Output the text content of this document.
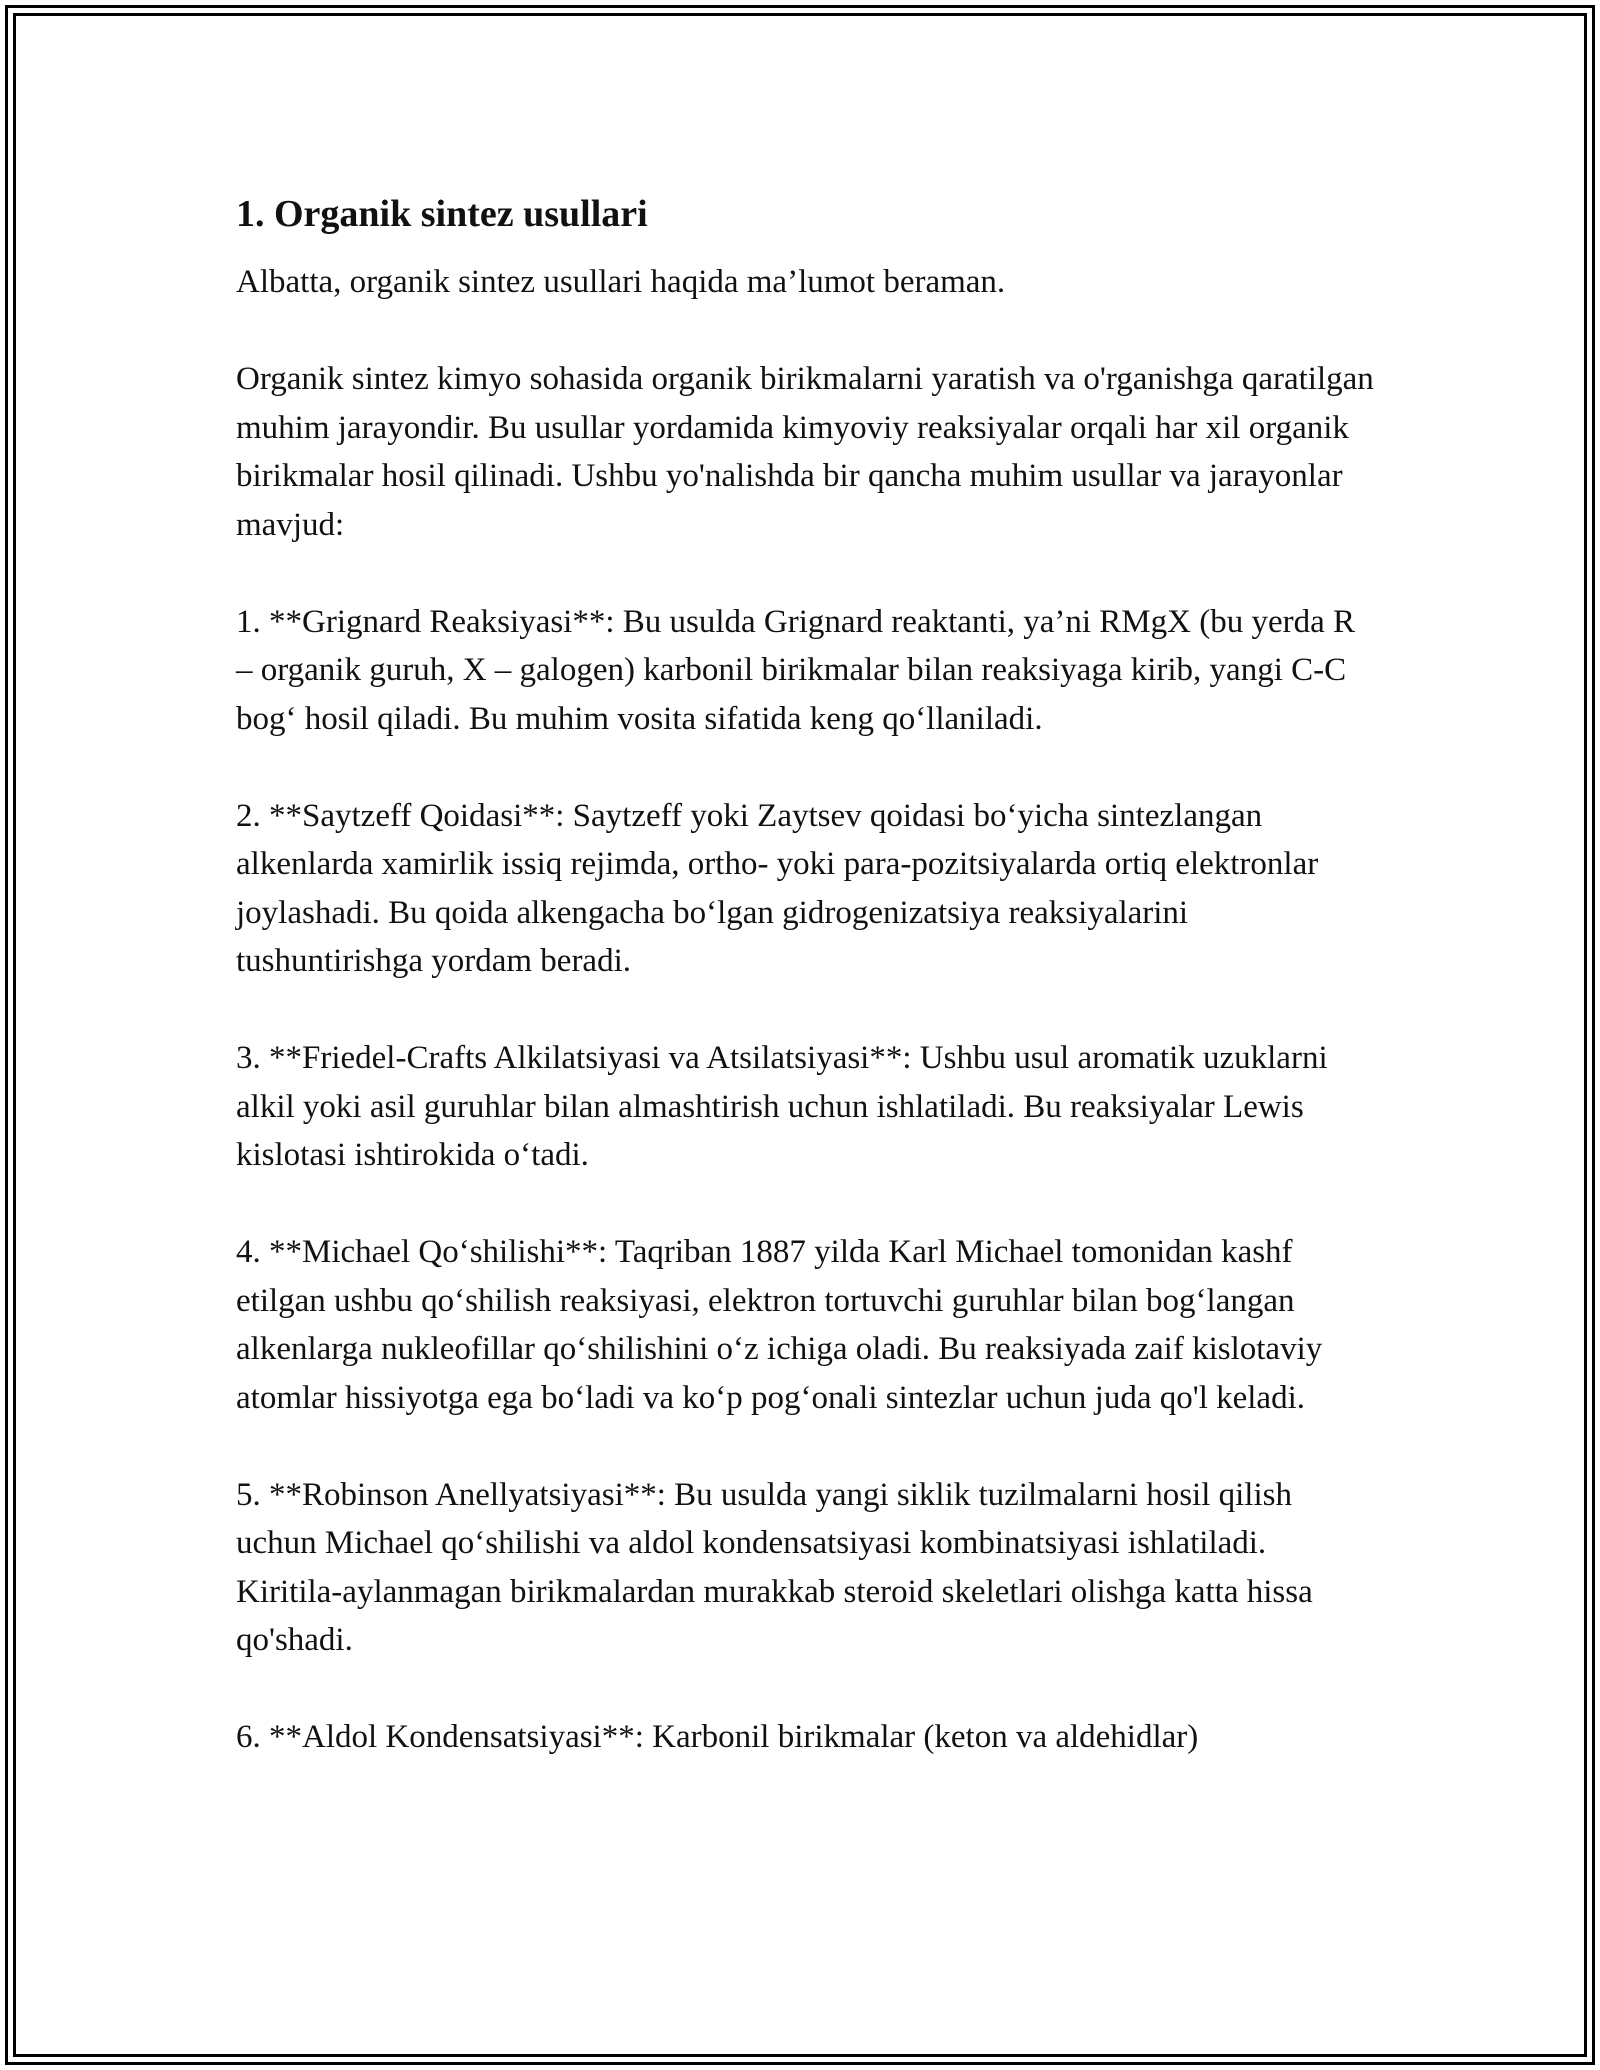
1. Organik sintez usullari

Albatta, organik sintez usullari haqida ma’lumot beraman.

Organik sintez kimyo sohasida organik birikmalarni yaratish va o'rganishga qaratilgan muhim jarayondir. Bu usullar yordamida kimyoviy reaksiyalar orqali har xil organik birikmalar hosil qilinadi. Ushbu yo'nalishda bir qancha muhim usullar va jarayonlar mavjud:

1. **Grignard Reaksiyasi**: Bu usulda Grignard reaktanti, ya’ni RMgX (bu yerda R – organik guruh, X – galogen) karbonil birikmalar bilan reaksiyaga kirib, yangi C-C bog‘ hosil qiladi. Bu muhim vosita sifatida keng qo‘llaniladi.

2. **Saytzeff Qoidasi**: Saytzeff yoki Zaytsev qoidasi bo‘yicha sintezlangan alkenlarda xamirlik issiq rejimda, ortho- yoki para-pozitsiyalarda ortiq elektronlar joylashadi. Bu qoida alkengacha bo‘lgan gidrogenizatsiya reaksiyalarini tushuntirishga yordam beradi.

3. **Friedel-Crafts Alkilatsiyasi va Atsilatsiyasi**: Ushbu usul aromatik uzuklarni alkil yoki asil guruhlar bilan almashtirish uchun ishlatiladi. Bu reaksiyalar Lewis kislotasi ishtirokida o‘tadi.

4. **Michael Qo‘shilishi**: Taqriban 1887 yilda Karl Michael tomonidan kashf etilgan ushbu qo‘shilish reaksiyasi, elektron tortuvchi guruhlar bilan bog‘langan alkenlarga nukleofillar qo‘shilishini o‘z ichiga oladi. Bu reaksiyada zaif kislotaviy atomlar hissiyotga ega bo‘ladi va ko‘p pog‘onali sintezlar uchun juda qo'l keladi.

5. **Robinson Anellyatsiyasi**: Bu usulda yangi siklik tuzilmalarni hosil qilish uchun Michael qo‘shilishi va aldol kondensatsiyasi kombinatsiyasi ishlatiladi. Kiritila-aylanmagan birikmalardan murakkab steroid skeletlari olishga katta hissa qo'shadi.

6. **Aldol Kondensatsiyasi**: Karbonil birikmalar (keton va aldehidlar)
